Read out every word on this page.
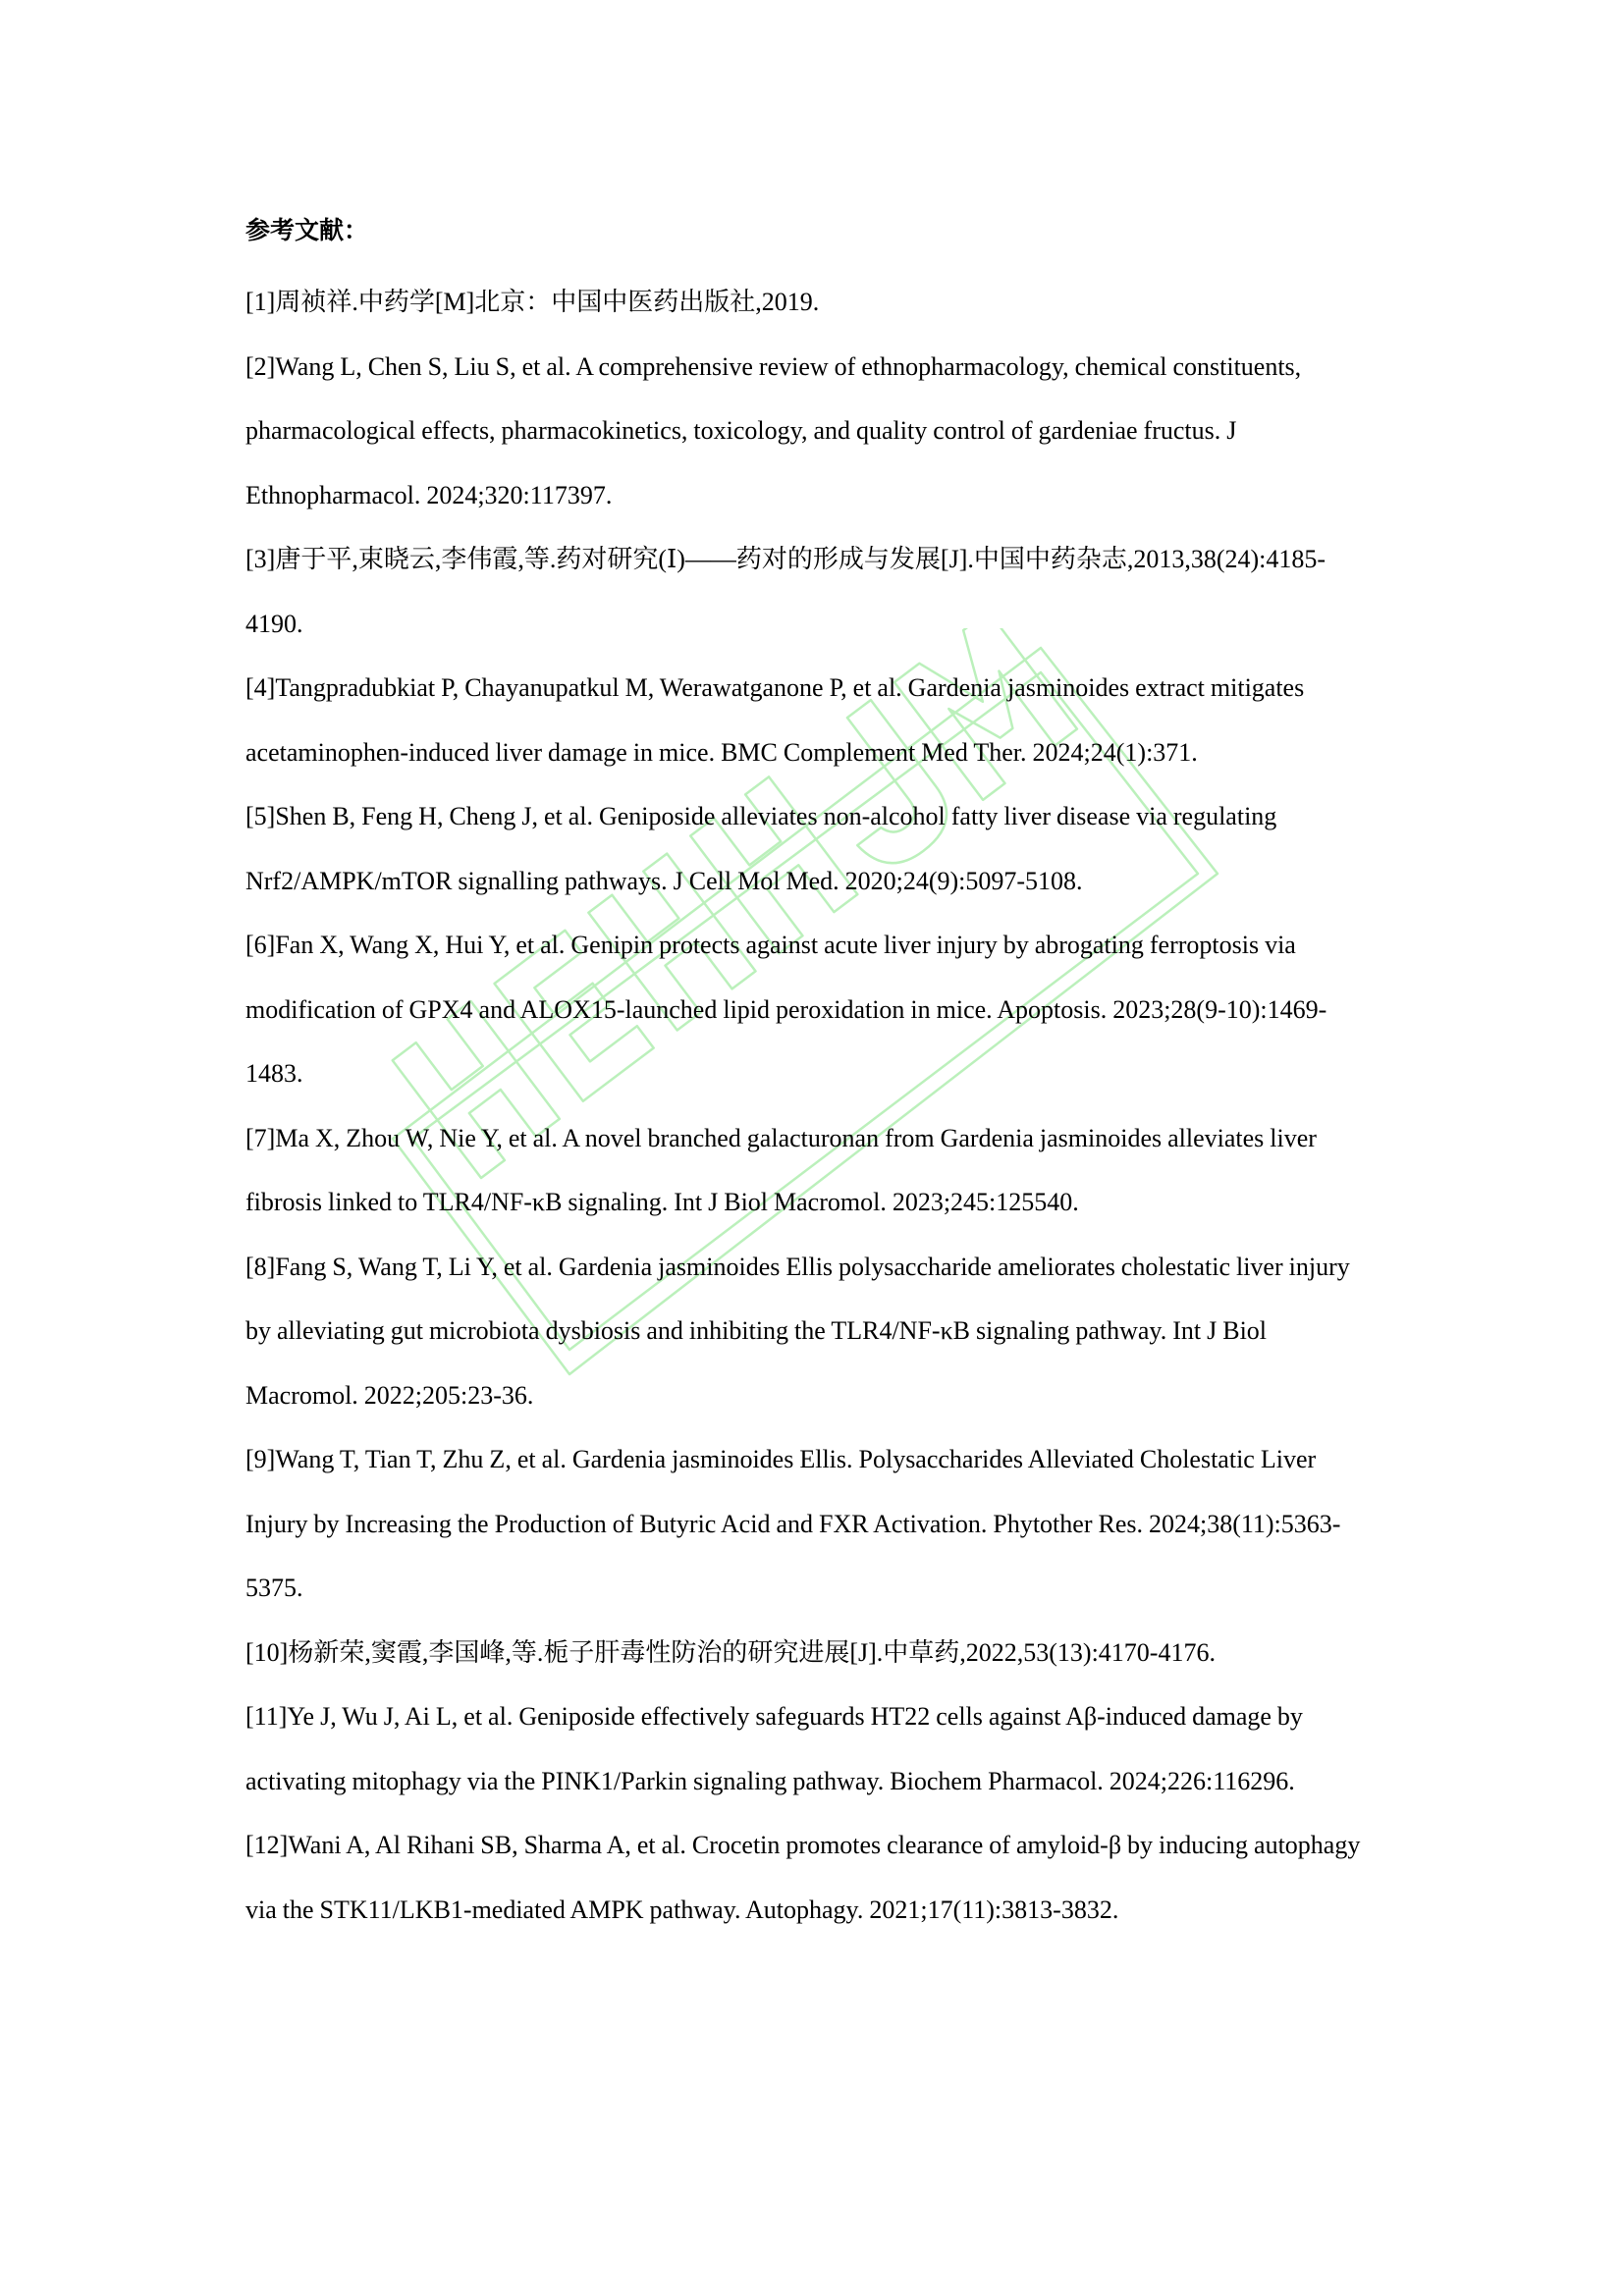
参考文献：
[1]周祯祥.中药学[M]北京：中国中医药出版社,2019.
[2]Wang L, Chen S, Liu S, et al. A comprehensive review of ethnopharmacology, chemical constituents, pharmacological effects, pharmacokinetics, toxicology, and quality control of gardeniae fructus. J Ethnopharmacol. 2024;320:117397.
[3]唐于平,束晓云,李伟霞,等.药对研究(Ⅰ)——药对的形成与发展[J].中国中药杂志,2013,38(24):4185-4190.
[4]Tangpradubkiat P, Chayanupatkul M, Werawatganone P, et al. Gardenia jasminoides extract mitigates acetaminophen-induced liver damage in mice. BMC Complement Med Ther. 2024;24(1):371.
[5]Shen B, Feng H, Cheng J, et al. Geniposide alleviates non-alcohol fatty liver disease via regulating Nrf2/AMPK/mTOR signalling pathways. J Cell Mol Med. 2020;24(9):5097-5108.
[6]Fan X, Wang X, Hui Y, et al. Genipin protects against acute liver injury by abrogating ferroptosis via modification of GPX4 and ALOX15-launched lipid peroxidation in mice. Apoptosis. 2023;28(9-10):1469-1483.
[7]Ma X, Zhou W, Nie Y, et al. A novel branched galacturonan from Gardenia jasminoides alleviates liver fibrosis linked to TLR4/NF-κB signaling. Int J Biol Macromol. 2023;245:125540.
[8]Fang S, Wang T, Li Y, et al. Gardenia jasminoides Ellis polysaccharide ameliorates cholestatic liver injury by alleviating gut microbiota dysbiosis and inhibiting the TLR4/NF-κB signaling pathway. Int J Biol Macromol. 2022;205:23-36.
[9]Wang T, Tian T, Zhu Z, et al. Gardenia jasminoides Ellis. Polysaccharides Alleviated Cholestatic Liver Injury by Increasing the Production of Butyric Acid and FXR Activation. Phytother Res. 2024;38(11):5363-5375.
[10]杨新荣,窦霞,李国峰,等.栀子肝毒性防治的研究进展[J].中草药,2022,53(13):4170-4176.
[11]Ye J, Wu J, Ai L, et al. Geniposide effectively safeguards HT22 cells against Aβ-induced damage by activating mitophagy via the PINK1/Parkin signaling pathway. Biochem Pharmacol. 2024;226:116296.
[12]Wani A, Al Rihani SB, Sharma A, et al. Crocetin promotes clearance of amyloid-β by inducing autophagy via the STK11/LKB1-mediated AMPK pathway. Autophagy. 2021;17(11):3813-3832.
